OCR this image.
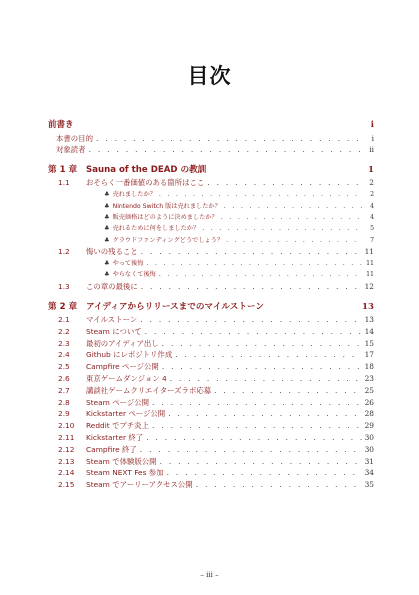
目次
前書き	i
本書の目的 . . .	i
対象読者 . . .	ii
第 1 章	Sauna of the DEAD の教訓	1
1.1	おそらく一番価値のある箇所はここ . . .	2
♣ 売れましたか？ . . .	2
♣ Nintendo Switch 版は売れましたか？ . . .	4
♣ 販売価格はどのように決めましたか？ . . .	4
♣ 売れるために何をしましたか？ . . .	5
♣ クラウドファンディングどうでしょう？ . . .	7
1.2	悔いの残ること . . .	11
♣ やって後悔 . . .	11
♣ やらなくて後悔 . . .	11
1.3	この章の最後に . . .	12
第 2 章	アイディアからリリースまでのマイルストーン	13
2.1	マイルストーン . . .	13
2.2	Steam について . . .	14
2.3	最初のアイディア出し . . .	15
2.4	Github にレポジトリ作成 . . .	17
2.5	Campfire ページ公開 . . .	18
2.6	東京ゲームダンジョン 4 . . .	23
2.7	講談社ゲームクリエイターズラボ応募 . . .	25
2.8	Steam ページ公開 . . .	26
2.9	Kickstarter ページ公開 . . .	28
2.10	Reddit でプチ炎上 . . .	29
2.11	Kickstarter 終了 . . .	30
2.12	Campfire 終了 . . .	30
2.13	Steam で体験版公開 . . .	31
2.14	Steam NEXT Fes 参加 . . .	34
2.15	Steam でアーリーアクセス公開 . . .	35
– iii –
